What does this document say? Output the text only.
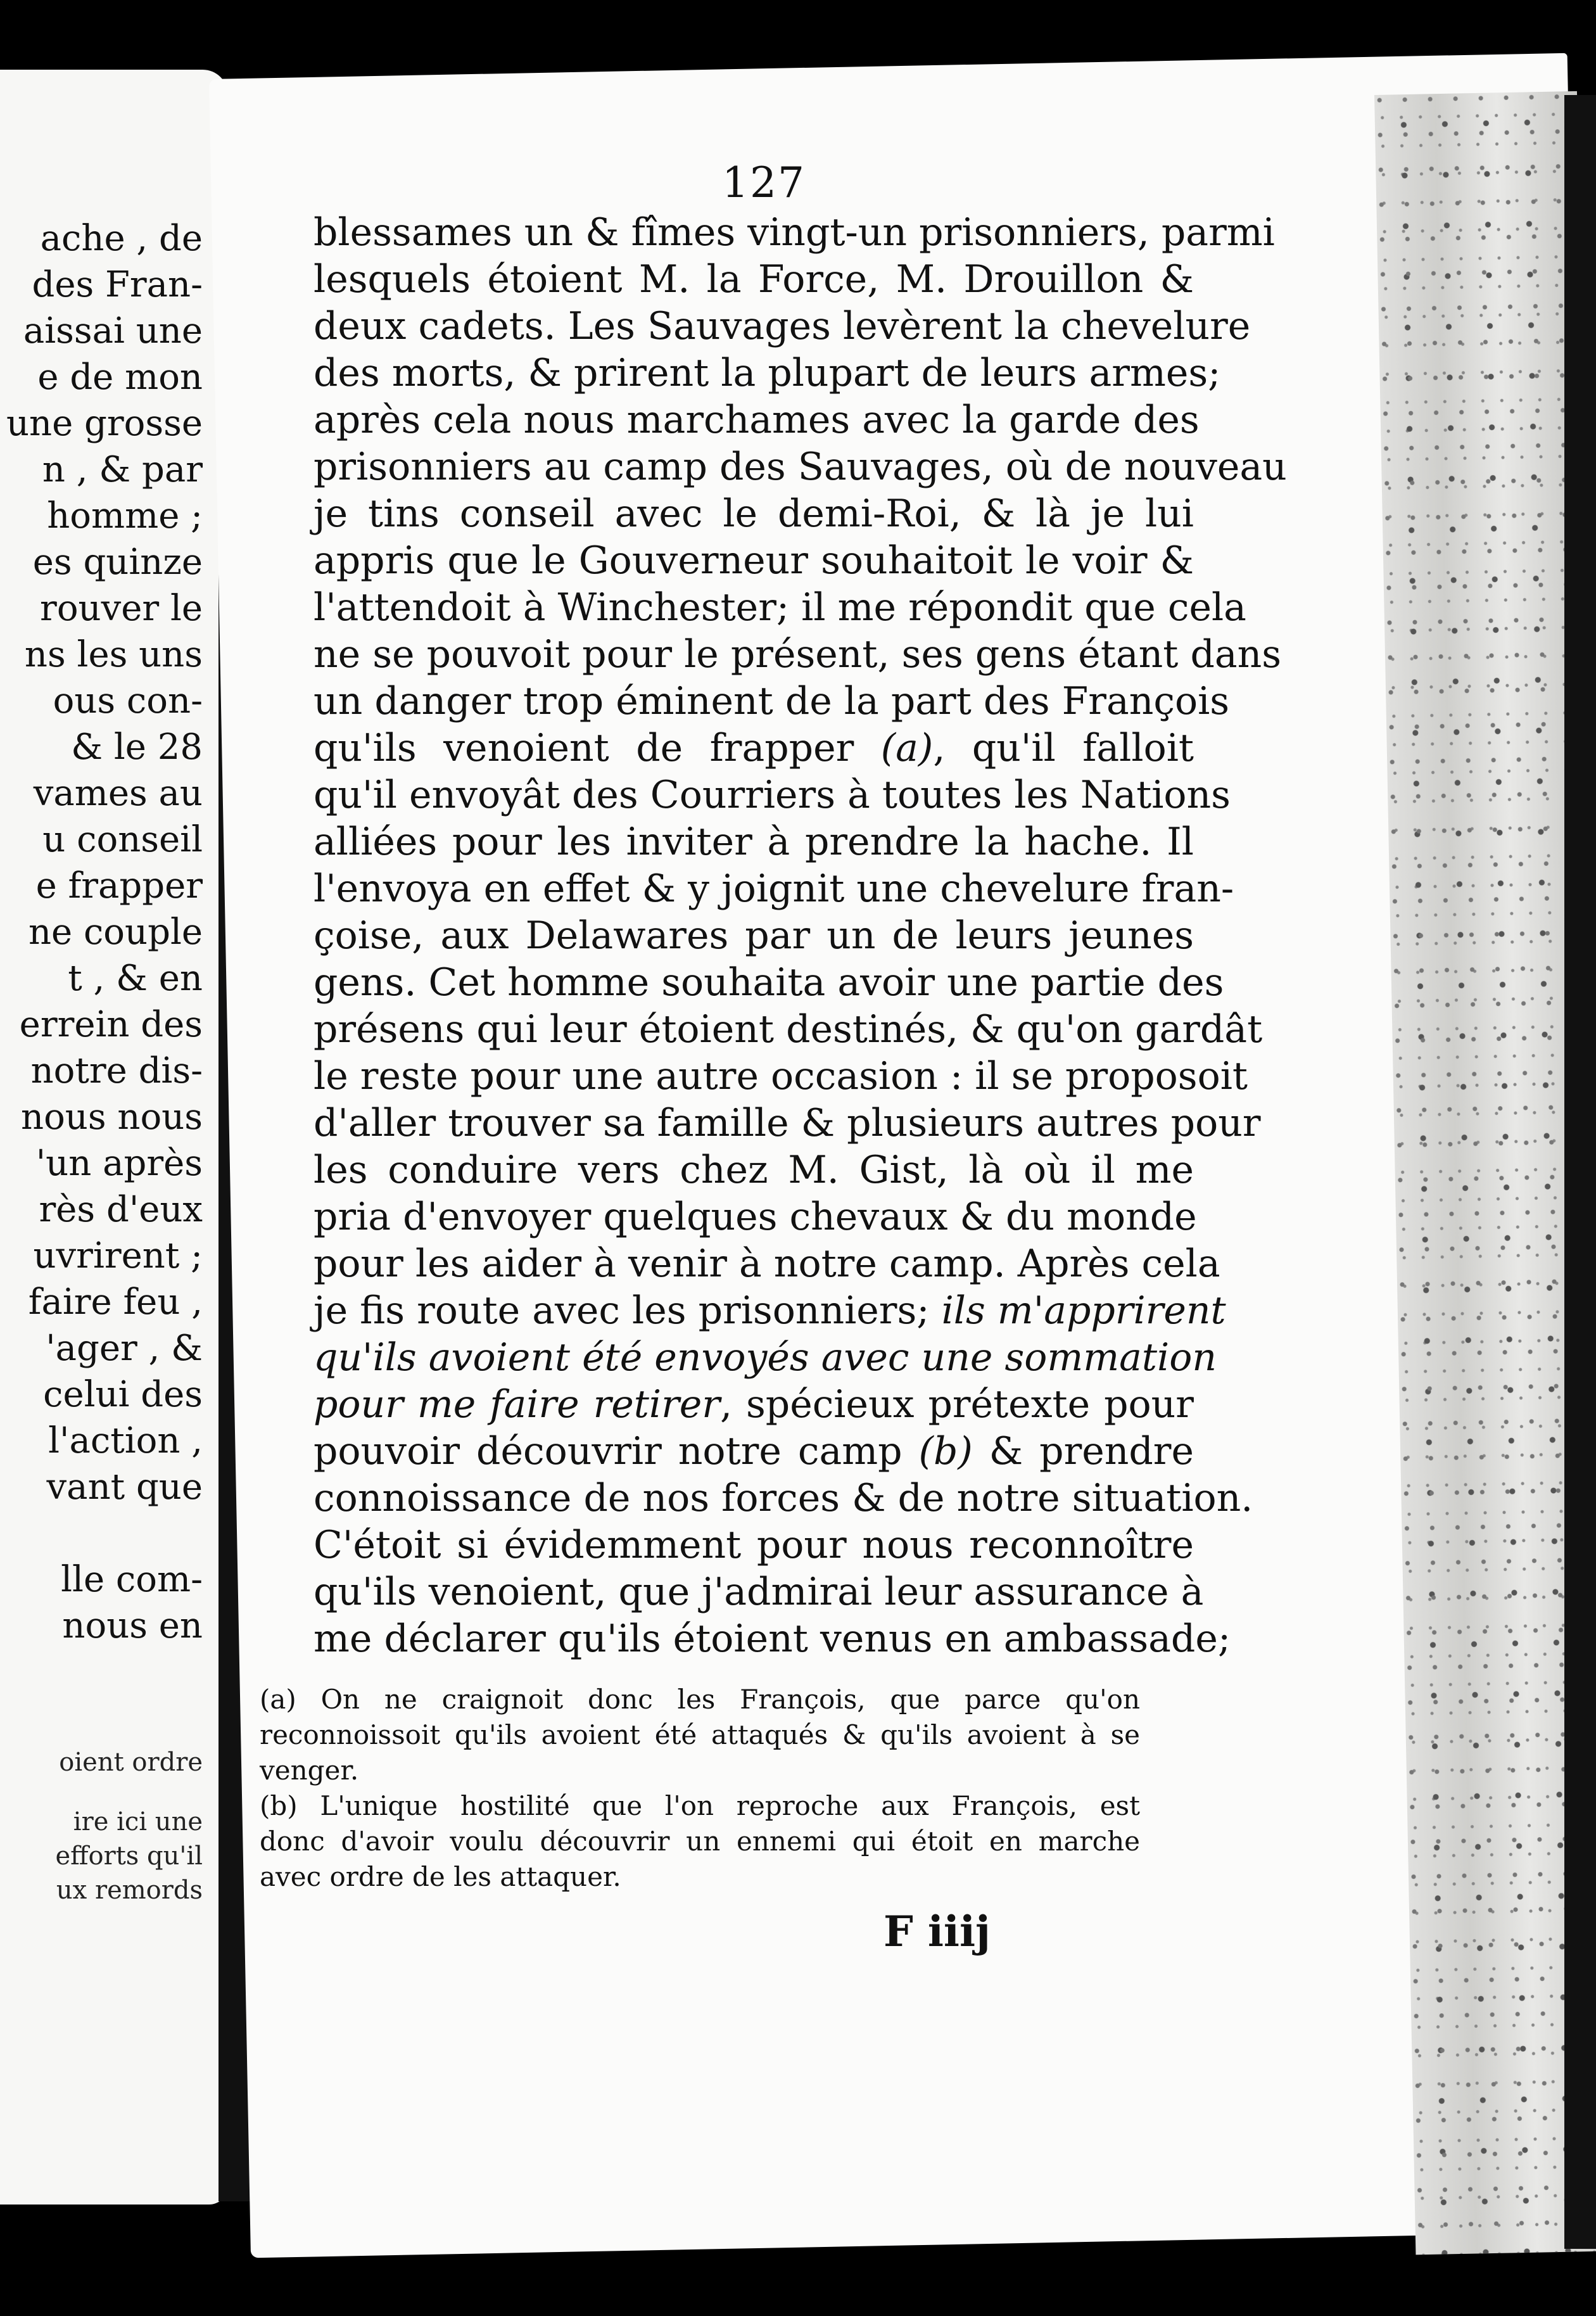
ache , de
des Fran-
aissai une
e de mon
une grosse
n , & par
homme ;
es quinze
rouver le
ns les uns
ous con-
& le 28
vames au
u conseil
e frapper
ne couple
t , & en
errein des
notre dis-
nous nous
'un après
rès d'eux
uvrirent ;
faire feu ,
'ager , &
celui des
l'action ,
vant que

lle com-
nous en
oient ordre

ire ici une
efforts qu'il
ux remords
127
blessames un & fîmes vingt-un prisonniers, parmi
lesquels étoient M. la Force, M. Drouillon &
deux cadets. Les Sauvages levèrent la chevelure
des morts, & prirent la plupart de leurs armes;
après cela nous marchames avec la garde des
prisonniers au camp des Sauvages, où de nouveau
je tins conseil avec le demi-Roi, & là je lui
appris que le Gouverneur souhaitoit le voir &
l'attendoit à Winchester; il me répondit que cela
ne se pouvoit pour le présent, ses gens étant dans
un danger trop éminent de la part des François
qu'ils venoient de frapper (a), qu'il falloit
qu'il envoyât des Courriers à toutes les Nations
alliées pour les inviter à prendre la hache. Il
l'envoya en effet & y joignit une chevelure fran-
çoise, aux Delawares par un de leurs jeunes
gens. Cet homme souhaita avoir une partie des
présens qui leur étoient destinés, & qu'on gardât
le reste pour une autre occasion : il se proposoit
d'aller trouver sa famille & plusieurs autres pour
les conduire vers chez M. Gist, là où il me
pria d'envoyer quelques chevaux & du monde
pour les aider à venir à notre camp. Après cela
je fis route avec les prisonniers; ils m'apprirent
qu'ils avoient été envoyés avec une sommation
pour me faire retirer, spécieux prétexte pour
pouvoir découvrir notre camp (b) & prendre
connoissance de nos forces & de notre situation.
C'étoit si évidemment pour nous reconnoître
qu'ils venoient, que j'admirai leur assurance à
me déclarer qu'ils étoient venus en ambassade;
(a) On ne craignoit donc les François, que parce qu'on
reconnoissoit qu'ils avoient été attaqués & qu'ils avoient à se
venger.
(b) L'unique hostilité que l'on reproche aux François, est
donc d'avoir voulu découvrir un ennemi qui étoit en marche
avec ordre de les attaquer.
F iiij
